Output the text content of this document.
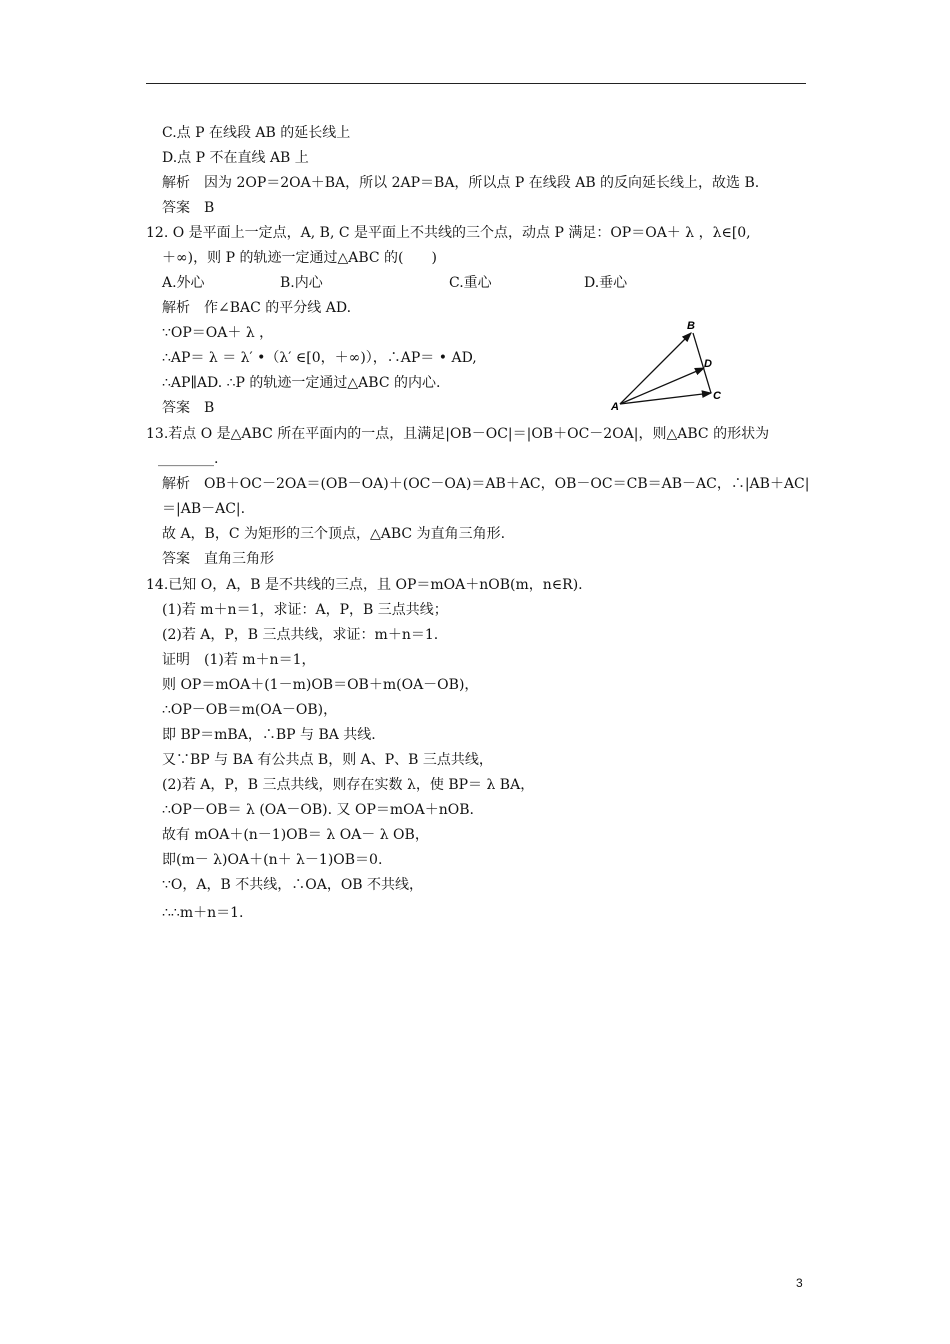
C.点 P 在线段 AB 的延长线上
D.点 P 不在直线 AB 上
解析　因为 2OP＝2OA＋BA，所以 2AP＝BA，所以点 P 在线段 AB 的反向延长线上，故选 B.
答案　B
12. O 是平面上一定点，A, B, C 是平面上不共线的三个点，动点 P 满足：OP＝OA＋ λ ，λ∈[0,
＋∞)，则 P 的轨迹一定通过△ABC 的(　　)
A.外心	B.内心	C.重心	D.垂心
解析　作∠BAC 的平分线 AD.
∵OP＝OA＋ λ ，
∴AP＝ λ ＝ λ′ •（λ′ ∈[0，＋∞)），∴AP＝ • AD,
∴AP∥AD. ∴P 的轨迹一定通过△ABC 的内心.
答案　B
B
D
A
C
13.若点 O 是△ABC 所在平面内的一点，且满足|OB－OC|＝|OB＋OC－2OA|，则△ABC 的形状为
________.
解析　OB＋OC－2OA＝(OB－OA)＋(OC－OA)＝AB＋AC，OB－OC＝CB＝AB－AC，∴|AB＋AC|
＝|AB－AC|.
故 A，B，C 为矩形的三个顶点，△ABC 为直角三角形.
答案　直角三角形
14.已知 O，A，B 是不共线的三点，且 OP＝mOA＋nOB(m，n∈R).
(1)若 m＋n＝1，求证：A，P，B 三点共线；
(2)若 A，P，B 三点共线，求证：m＋n＝1.
证明　(1)若 m＋n＝1，
则 OP＝mOA＋(1－m)OB＝OB＋m(OA－OB)，
∴OP－OB＝m(OA－OB)，
即 BP＝mBA，∴BP 与 BA 共线.
又∵BP 与 BA 有公共点 B，则 A、P、B 三点共线，
(2)若 A，P，B 三点共线，则存在实数 λ，使 BP＝ λ BA，
∴OP－OB＝ λ (OA－OB). 又 OP＝mOA＋nOB.
故有 mOA＋(n－1)OB＝ λ OA－ λ OB，
即(m－ λ)OA＋(n＋ λ－1)OB＝0.
∵O，A，B 不共线，∴OA，OB 不共线，
∴∴m＋n＝1.
3
